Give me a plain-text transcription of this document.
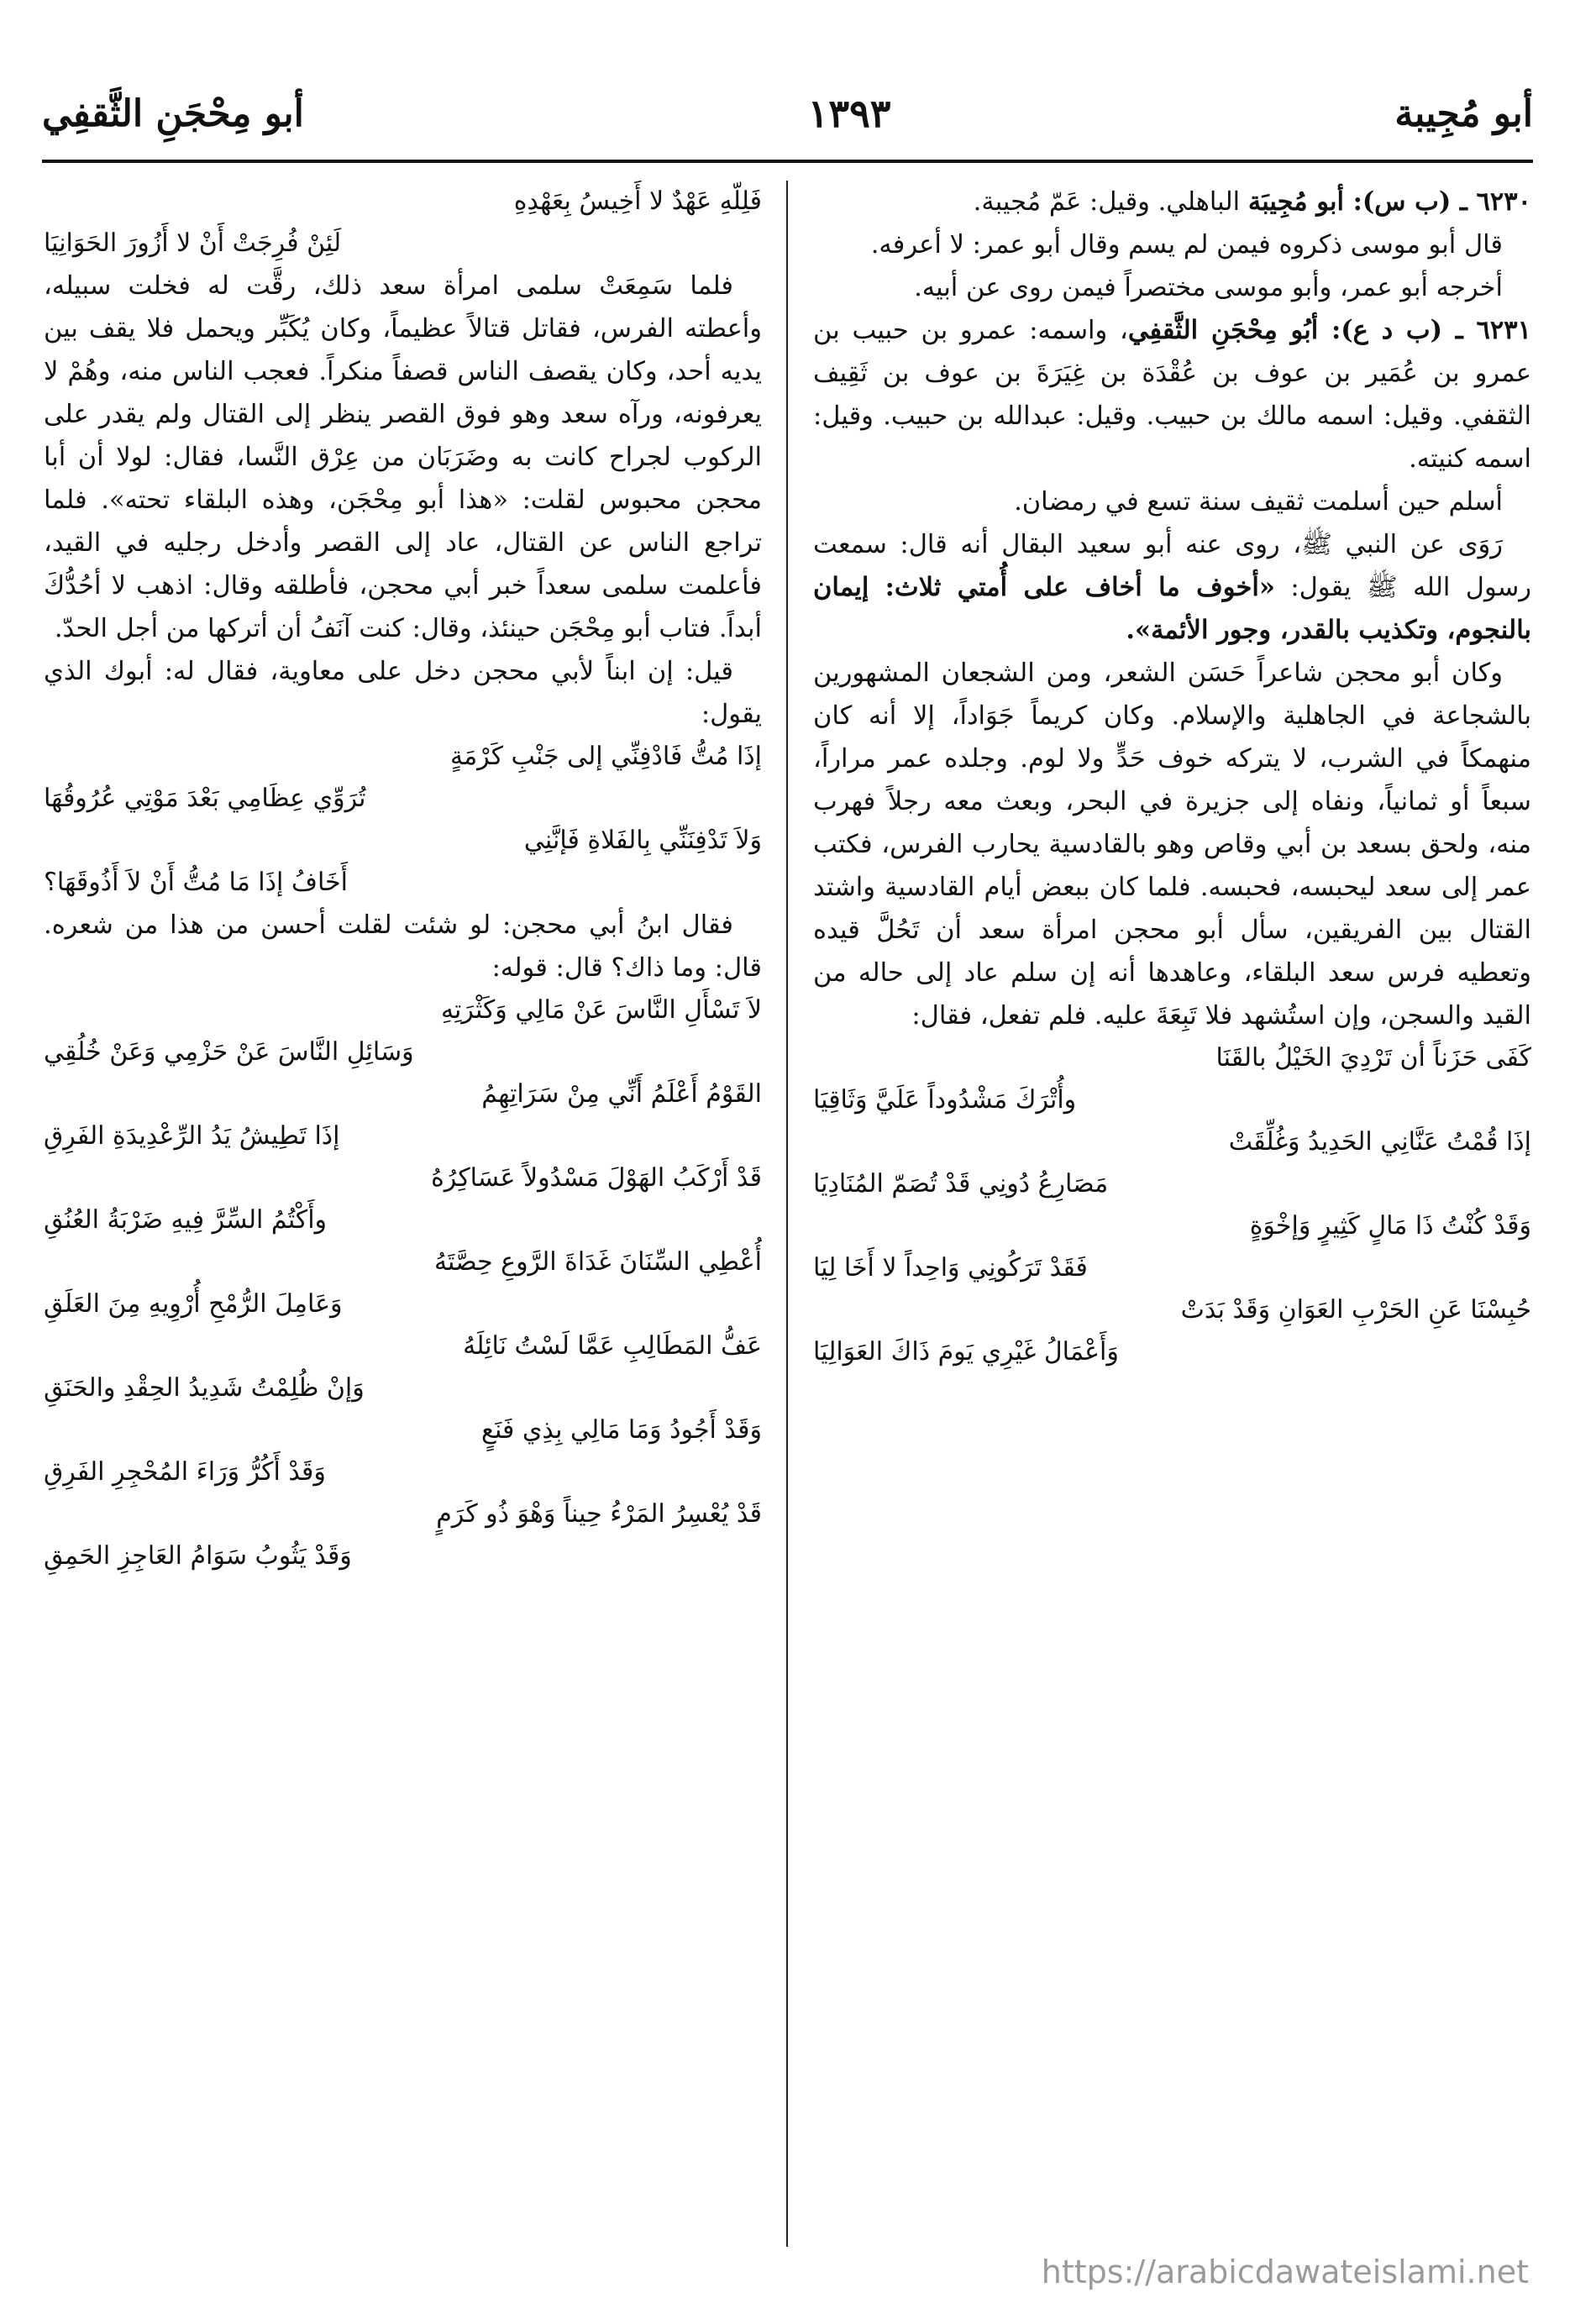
أبو مُجِيبة
١٣٩٣
أبو مِحْجَنِ الثَّقفِي

٦٢٣٠ ـ (ب س): أبو مُجِيبَة الباهلي. وقيل: عَمّ مُجيبة.

قال أبو موسى ذكروه فيمن لم يسم وقال أبو عمر: لا أعرفه.

أخرجه أبو عمر، وأبو موسى مختصراً فيمن روى عن أبيه.

٦٢٣١ ـ (ب د ع): أبُو مِحْجَنِ الثَّقفِي، واسمه: عمرو بن حبيب بن عمرو بن عُمَير بن عوف بن عُقْدَة بن غِيَرَةَ بن عوف بن ثَقِيف الثقفي. وقيل: اسمه مالك بن حبيب. وقيل: عبدالله بن حبيب. وقيل: اسمه كنيته.

أسلم حين أسلمت ثقيف سنة تسع في رمضان.

رَوَى عن النبي ﷺ، روى عنه أبو سعيد البقال أنه قال: سمعت رسول الله ﷺ يقول: «أخوف ما أخاف على أُمتي ثلاث: إيمان بالنجوم، وتكذيب بالقدر، وجور الأئمة».

وكان أبو محجن شاعراً حَسَن الشعر، ومن الشجعان المشهورين بالشجاعة في الجاهلية والإسلام. وكان كريماً جَوَاداً، إلا أنه كان منهمكاً في الشرب، لا يتركه خوف حَدٍّ ولا لوم. وجلده عمر مراراً، سبعاً أو ثمانياً، ونفاه إلى جزيرة في البحر، وبعث معه رجلاً فهرب منه، ولحق بسعد بن أبي وقاص وهو بالقادسية يحارب الفرس، فكتب عمر إلى سعد ليحبسه، فحبسه. فلما كان ببعض أيام القادسية واشتد القتال بين الفريقين، سأل أبو محجن امرأة سعد أن تَحُلَّ قيده وتعطيه فرس سعد البلقاء، وعاهدها أنه إن سلم عاد إلى حاله من القيد والسجن، وإن استُشهد فلا تَبِعَةَ عليه. فلم تفعل، فقال:

كَفَى حَزَناً أن تَرْدِيَ الخَيْلُ بالقَنَا
وأُتْرَكَ مَشْدُوداً عَلَيَّ وَثَاقِيَا
إذَا قُمْتُ عَنَّانِي الحَدِيدُ وَغُلِّقَتْ
مَصَارِعُ دُونِي قَدْ تُصَمّ المُنَادِيَا
وَقَدْ كُنْتُ ذَا مَالٍ كَثِيرٍ وَإخْوَةٍ
فَقَدْ تَرَكُونِي وَاحِداً لا أَخَا لِيَا
حُبِسْنَا عَنِ الحَرْبِ العَوَانِ وَقَدْ بَدَتْ
وَأَعْمَالُ غَيْرِي يَومَ ذَاكَ العَوَالِيَا
فَلِلّهِ عَهْدٌ لا أَخِيسُ بِعَهْدِهِ
لَئِنْ فُرِجَتْ أَنْ لا أَزُورَ الحَوَانِيَا

فلما سَمِعَتْ سلمى امرأة سعد ذلك، رقَّت له فخلت سبيله، وأعطته الفرس، فقاتل قتالاً عظيماً، وكان يُكَبِّر ويحمل فلا يقف بين يديه أحد، وكان يقصف الناس قصفاً منكراً. فعجب الناس منه، وهُمْ لا يعرفونه، ورآه سعد وهو فوق القصر ينظر إلى القتال ولم يقدر على الركوب لجراح كانت به وضَرَبَان من عِرْق النَّسا، فقال: لولا أن أبا محجن محبوس لقلت: «هذا أبو مِحْجَن، وهذه البلقاء تحته». فلما تراجع الناس عن القتال، عاد إلى القصر وأدخل رجليه في القيد، فأعلمت سلمى سعداً خبر أبي محجن، فأطلقه وقال: اذهب لا أحُدُّكَ أبداً. فتاب أبو مِحْجَن حينئذ، وقال: كنت آنَفُ أن أتركها من أجل الحدّ.

قيل: إن ابناً لأبي محجن دخل على معاوية، فقال له: أبوك الذي يقول:

إذَا مُتُّ فَادْفِنِّي إلى جَنْبِ كَرْمَةٍ
تُرَوِّي عِظَامِي بَعْدَ مَوْتِي عُرُوقُهَا
وَلاَ تَدْفِنَنِّي بِالفَلاةِ فَإنَّنِي
أَخَافُ إذَا مَا مُتُّ أَنْ لاَ أَذُوقَهَا؟

فقال ابنُ أبي محجن: لو شئت لقلت أحسن من هذا من شعره. قال: وما ذاك؟ قال: قوله:

لاَ تَسْأَلِ النَّاسَ عَنْ مَالِي وَكَثْرَتِهِ
وَسَائِلِ النَّاسَ عَنْ حَزْمِي وَعَنْ خُلُقِي
القَوْمُ أَعْلَمُ أَنِّي مِنْ سَرَاتِهِمُ
إذَا تَطِيشُ يَدُ الرِّعْدِيدَةِ الفَرِقِ
قَدْ أَرْكَبُ الهَوْلَ مَسْدُولاً عَسَاكِرُهُ
وأَكْتُمُ السِّرَّ فِيهِ ضَرْبَةُ العُنُقِ
أُعْطِي السِّنَانَ غَدَاةَ الرَّوعِ حِصَّتَهُ
وَعَامِلَ الرُّمْحِ أُرْوِيهِ مِنَ العَلَقِ
عَفُّ المَطَالِبِ عَمَّا لَسْتُ نَائِلَهُ
وَإنْ ظُلِمْتُ شَدِيدُ الحِقْدِ والحَنَقِ
وَقَدْ أَجُودُ وَمَا مَالِي بِذِي فَنَعٍ
وَقَدْ أَكُرُّ وَرَاءَ المُحْجِرِ الفَرِقِ
قَدْ يُعْسِرُ المَرْءُ حِيناً وَهْوَ ذُو كَرَمٍ
وَقَدْ يَثُوبُ سَوَامُ العَاجِزِ الحَمِقِ
https://arabicdawateislami.net
